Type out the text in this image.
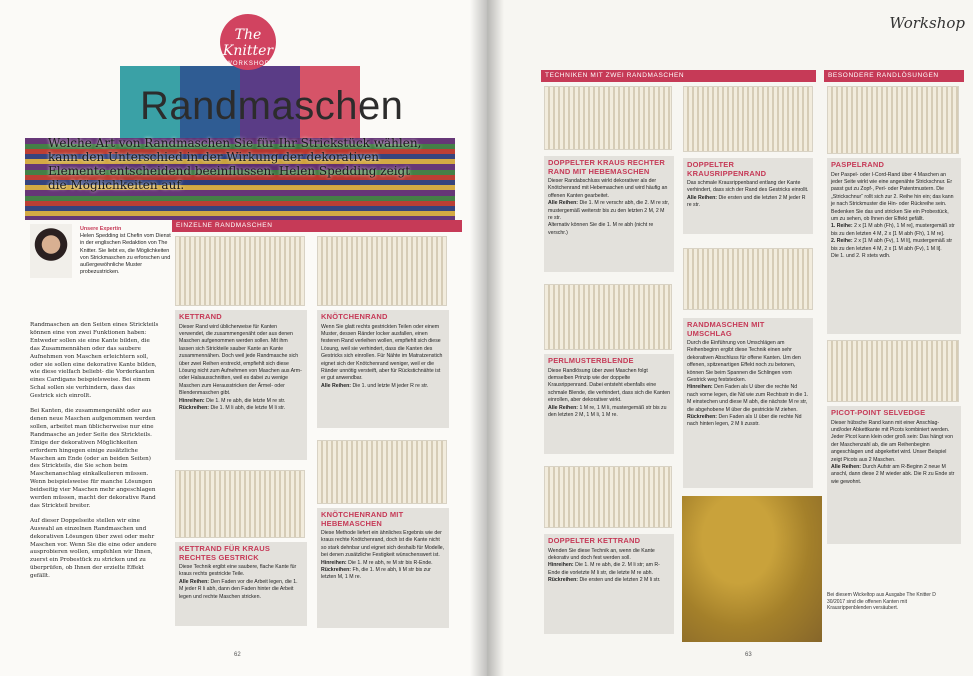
The Knitter
WORKSHOP
Randmaschen
Welche Art von Randmaschen Sie für Ihr Strickstück wählen, kann den Unterschied in der Wirkung der dekorativen Elemente entscheidend beeinflussen. Helen Spedding zeigt die Möglichkeiten auf.
Unsere Expertin
Helen Spedding ist Chefin vom Dienst in der englischen Redaktion von The Knitter. Sie liebt es, die Möglichkeiten von Strickmaschen zu erforschen und außergewöhnliche Muster probezustricken.

Randmaschen an den Seiten eines Strickteils können eine von zwei Funktionen haben: Entweder sollen sie eine Kante bilden, die das Zusammennähen oder das saubere Aufnehmen von Maschen erleichtern soll, oder sie sollen eine dekorative Kante bilden, wie diese vielfach beliebt- die Vorderkanten eines Cardigans beispielsweise. Bei einem Schal sollen sie verhindern, dass das Gestrick sich einrollt.

Bei Kanten, die zusammengenäht oder aus denen neue Maschen aufgenommen werden sollen, arbeitet man üblicherweise nur eine Randmasche an jeder Seite des Strickteils. Einige der dekorativen Möglichkeiten erfordern hingegen einige zusätzliche Maschen am Ende (oder an beiden Seiten) des Strickteils, die Sie schon beim Maschenanschlag einkalkulieren müssen. Wenn beispielsweise für manche Lösungen beidseitig vier Maschen mehr angeschlagen werden müssen, macht der dekorative Rand das Strickteil breiter.

Auf dieser Doppelseite stellen wir eine Auswahl an einzelnen Randmaschen und dekorativen Lösungen über zwei oder mehr Maschen vor. Wenn Sie die eine oder andere ausprobieren wollen, empfehlen wir Ihnen, zuerst ein Probestück zu stricken und zu überprüfen, ob Ihnen der erzielte Effekt gefällt.

EINZELNE RANDMASCHEN
KETTRAND
Dieser Rand wird üblicherweise für Kanten verwendet, die zusammengenäht oder aus denen Maschen aufgenommen werden sollen. Mit ihm lassen sich Strickteile sauber Kante an Kante zusammennähen. Doch weil jede Randmasche sich über zwei Reihen erstreckt, empfiehlt sich diese Lösung nicht zum Aufnehmen von Maschen aus Arm- oder Halsausschnitten, weil es dabei zu wenige Maschen zum Herausstricken der Ärmel- oder Blendenmaschen gibt.
Hinreihen: Die 1. M re abh, die letzte M re str.
Rückreihen: Die 1. M li abh, die letzte M li str.
KNÖTCHENRAND
Wenn Sie glatt rechts gestrickten Teilen oder einem Muster, dessen Ränder locker ausfallen, einen festeren Rand verleihen wollen, empfiehlt sich diese Lösung, weil sie verhindert, dass die Kanten des Gestricks sich einrollen. Für Nähte im Matratzenstich eignet sich der Knötchenrand weniger, weil er die Ränder unnötig versteift, aber für Rückstichnähte ist er gut anwendbar.
Alle Reihen: Die 1. und letzte M jeder R re str.
KETTRAND FÜR KRAUS RECHTES GESTRICK
Diese Technik ergibt eine saubere, flache Kante für kraus rechts gestrickte Teile.
Alle Reihen: Den Faden vor die Arbeit legen, die 1. M jeder R li abh, dann den Faden hinter die Arbeit legen und rechte Maschen stricken.
KNÖTCHENRAND MIT HEBEMASCHEN
Diese Methode liefert ein ähnliches Ergebnis wie der kraus rechte Knötchenrand, doch ist die Kante nicht so stark dehnbar und eignet sich deshalb für Modelle, bei denen zusätzliche Festigkeit wünschenswert ist.
Hinreihen: Die 1. M re abh, re M str bis R-Ende.
Rückreihen: Fh, die 1. M re abh, li M str bis zur letzten M, 1 M re.
62
Workshop
TECHNIKEN MIT ZWEI RANDMASCHEN	BESONDERE RANDLÖSUNGEN
DOPPELTER KRAUS RECHTER RAND MIT HEBEMASCHEN
Dieser Randabschluss wirkt dekorativer als der Knötchenrand mit Hebemaschen und wird häufig an offenen Kanten gearbeitet.
Alle Reihen: Die 1. M re verschr abh, die 2. M re str, mustergemäß weiterstr bis zu den letzten 2 M, 2 M re str.
Alternativ können Sie die 1. M re abh (nicht re verschr.)
DOPPELTER KRAUSRIPPENRAND
Das schmale Krausrippenband entlang der Kante verhindert, dass sich der Rand des Gestricks einrollt.
Alle Reihen: Die ersten und die letzten 2 M jeder R re str.
PERLMUSTERBLENDE
Diese Randlösung über zwei Maschen folgt demselben Prinzip wie der doppelte Krausrippenrand. Dabei entsteht ebenfalls eine schmale Blende, die verhindert, dass sich die Kanten einrollen, aber dekorativer wirkt.
Alle Reihen: 1 M re, 1 M li, mustergemäß str bis zu den letzten 2 M, 1 M li, 1 M re.
RANDMASCHEN MIT UMSCHLAG
Durch die Einführung von Umschlägen am Reihenbeginn ergibt diese Technik einen sehr dekorativen Abschluss für offene Kanten. Um den offenen, spitzenartigen Effekt noch zu betonen, können Sie beim Spannen die Schlingen vom Gestrick weg feststecken.
Hinreihen: Den Faden als U über die rechte Nd nach vorne legen, die Nd wie zum Rechtsstr in die 1. M einstechen und diese M abh, die nächste M re str, die abgehobene M über die gestrickte M ziehen.
Rückreihen: Den Faden als U über die rechte Nd nach hinten legen, 2 M li zusstr.
DOPPELTER KETTRAND
Wenden Sie diese Technik an, wenn die Kante dekorativ und doch fest werden soll.
Hinreihen: Die 1. M re abh, die 2. M li str; am R-Ende die vorletzte M li str, die letzte M re abh.
Rückreihen: Die ersten und die letzten 2 M li str.
PASPELRAND
Der Paspel- oder I-Cord-Rand über 4 Maschen an jeder Seite wirkt wie eine angenähte Strickschnur. Er passt gut zu Zopf-, Perl- oder Patentmustern. Die „Strickschnur“ rollt sich zur 2. Reihe hin ein; das kann je nach Strickmuster die Hin- oder Rückreihe sein. Bedenken Sie das und stricken Sie ein Probestück, um zu sehen, ob Ihnen der Effekt gefällt.
1. Reihe: 2 x [1 M abh (Fh), 1 M re], mustergemäß str bis zu den letzten 4 M, 2 x [1 M abh (Fh), 1 M re].
2. Reihe: 2 x [1 M abh (Fv), 1 M li], mustergemäß str bis zu den letzten 4 M, 2 x [1 M abh (Fv), 1 M li].
Die 1. und 2. R stets wdh.
PICOT-POINT SELVEDGE
Dieser hübsche Rand kann mit einer Anschlag- und/oder Abkettkante mit Picots kombiniert werden. Jeder Picot kann klein oder groß sein: Das hängt von der Maschenzahl ab, die am Reihenbeginn angeschlagen und abgekettet wird. Unser Beispiel zeigt Picots aus 2 Maschen.
Alle Reihen: Durch Aufstr am R-Beginn 2 neue M anschl, dann diese 2 M wieder abk. Die R zu Ende str wie gewohnt.
Bei diesem Wickeltop aus Ausgabe The Knitter D 30/2017 sind die offenen Kanten mit Krausrippenblenden versäubert.
63
